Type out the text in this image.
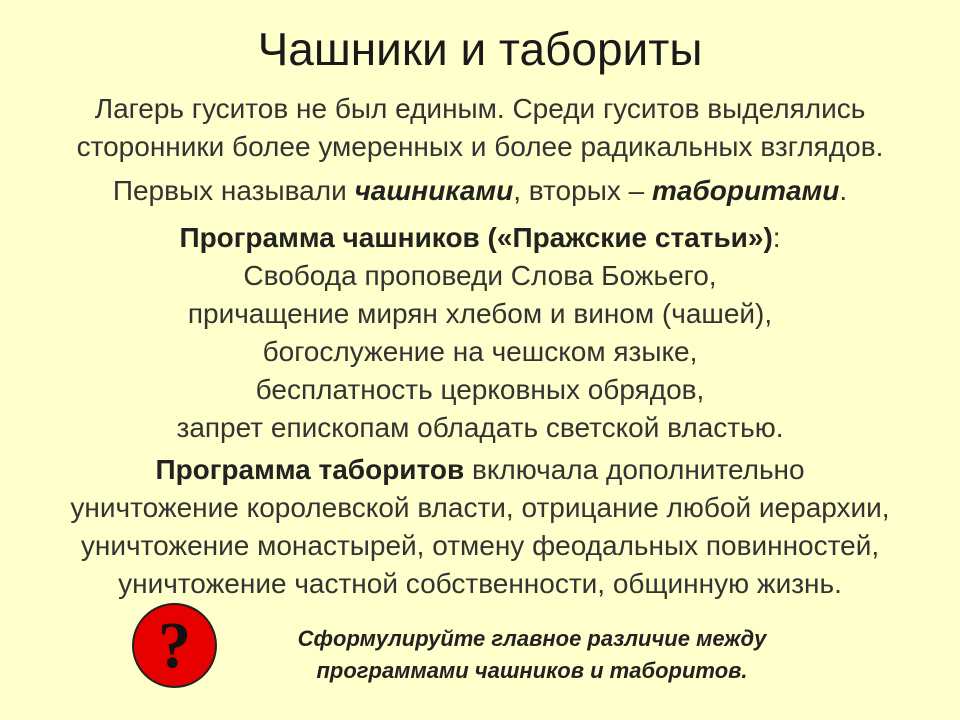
Чашники и табориты
Лагерь гуситов не был единым. Среди гуситов выделялись
сторонники более умеренных и более радикальных взглядов.
Первых называли чашниками, вторых – таборитами.
Программа чашников («Пражские статьи»):
Свобода проповеди Слова Божьего,
причащение мирян хлебом и вином (чашей),
богослужение на чешском языке,
бесплатность церковных обрядов,
запрет епископам обладать светской властью.
Программа таборитов включала дополнительно
уничтожение королевской власти, отрицание любой иерархии,
уничтожение монастырей, отмену феодальных повинностей,
уничтожение частной собственности, общинную жизнь.
?	Сформулируйте главное различие между
программами чашников и таборитов.
